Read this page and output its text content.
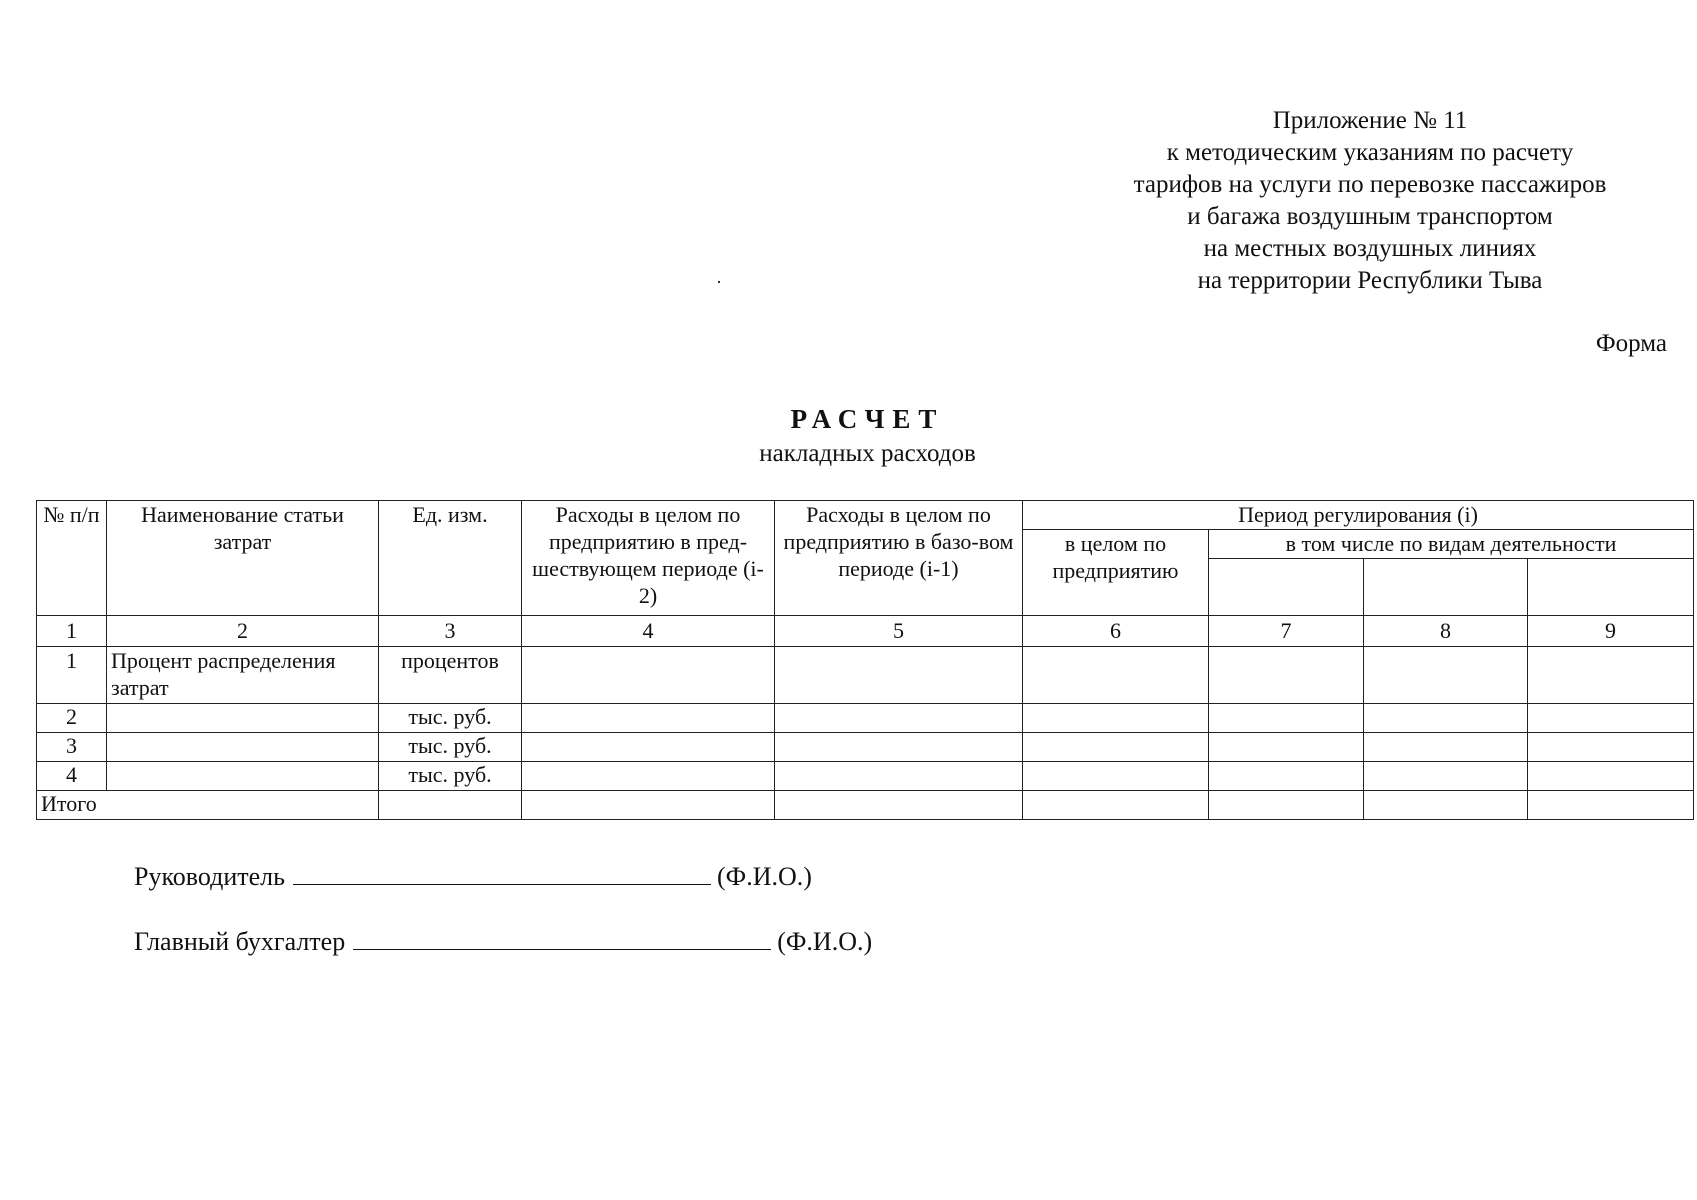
Приложение № 11
к методическим указаниям по расчету
тарифов на услуги по перевозке пассажиров
и багажа воздушным транспортом
на местных воздушных линиях
на территории Республики Тыва
Форма
РАСЧЕТ
накладных расходов
№ п/п	Наименование статьи затрат	Ед. изм.	Расходы в целом по предприятию в пред-шествующем периоде (i-2)	Расходы в целом по предприятию в базо-вом периоде (i-1)	Период регулирования (i)			
					в целом по предприятию	в том числе по видам деятельности		

1	2	3	4	5	6	7	8	9
1	Процент распределения затрат	процентов						
2		тыс. руб.						
3		тыс. руб.						
4		тыс. руб.						
Итого								
Руководитель	(Ф.И.О.)
Главный бухгалтер	(Ф.И.О.)
